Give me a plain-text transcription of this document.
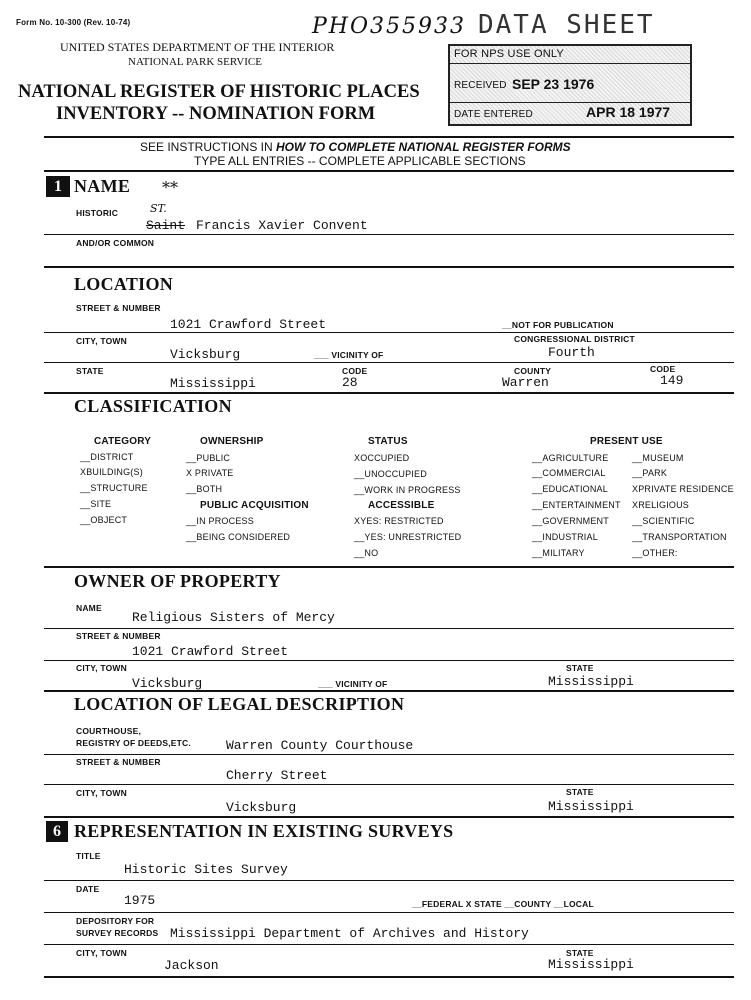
Form No. 10-300 (Rev. 10-74)	PHO355933 DATA SHEET
UNITED STATES DEPARTMENT OF THE INTERIOR
NATIONAL PARK SERVICE
NATIONAL REGISTER OF HISTORIC PLACES
INVENTORY -- NOMINATION FORM
FOR NPS USE ONLY
RECEIVED SEP 23 1976
DATE ENTERED	APR 18 1977
SEE INSTRUCTIONS IN HOW TO COMPLETE NATIONAL REGISTER FORMS
TYPE ALL ENTRIES -- COMPLETE APPLICABLE SECTIONS
1 NAME **
HISTORIC	ST.
Saint Francis Xavier Convent
AND/OR COMMON
LOCATION
STREET & NUMBER
1021 Crawford Street	__NOT FOR PUBLICATION
CITY, TOWN	CONGRESSIONAL DISTRICT
Vicksburg	___ VICINITY OF	Fourth
STATE	CODE	COUNTY	CODE
Mississippi	28	Warren	149
CLASSIFICATION
CATEGORY
__DISTRICT
XBUILDING(S)
__STRUCTURE
__SITE
__OBJECT
OWNERSHIP
__PUBLIC
X PRIVATE
__BOTH
PUBLIC ACQUISITION
__IN PROCESS
__BEING CONSIDERED
STATUS
XOCCUPIED
__UNOCCUPIED
__WORK IN PROGRESS
ACCESSIBLE
XYES: RESTRICTED
__YES: UNRESTRICTED
__NO
PRESENT USE
__AGRICULTURE
__COMMERCIAL
__EDUCATIONAL
__ENTERTAINMENT
__GOVERNMENT
__INDUSTRIAL
__MILITARY
__MUSEUM
__PARK
XPRIVATE RESIDENCE
XRELIGIOUS
__SCIENTIFIC
__TRANSPORTATION
__OTHER:
OWNER OF PROPERTY
NAME
Religious Sisters of Mercy
STREET & NUMBER
1021 Crawford Street
CITY, TOWN	STATE
Vicksburg	___ VICINITY OF	Mississippi
LOCATION OF LEGAL DESCRIPTION
COURTHOUSE,
REGISTRY OF DEEDS,ETC.	Warren County Courthouse
STREET & NUMBER
Cherry Street
CITY, TOWN	STATE
Vicksburg	Mississippi
6 REPRESENTATION IN EXISTING SURVEYS
TITLE
Historic Sites Survey
DATE
1975	__FEDERAL X STATE __COUNTY __LOCAL
DEPOSITORY FOR
SURVEY RECORDS Mississippi Department of Archives and History
CITY, TOWN	STATE
Jackson	Mississippi
